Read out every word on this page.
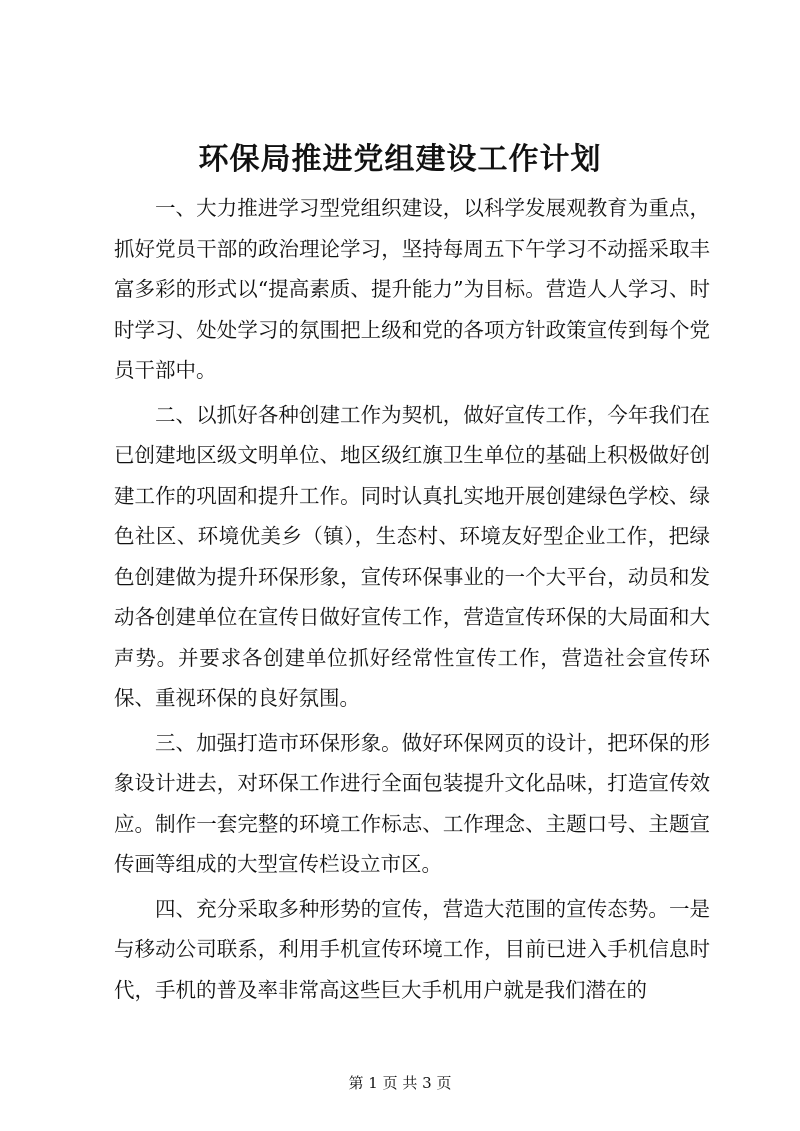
环保局推进党组建设工作计划

一、大力推进学习型党组织建设，以科学发展观教育为重点，抓好党员干部的政治理论学习，坚持每周五下午学习不动摇采取丰富多彩的形式以“提高素质、提升能力”为目标。营造人人学习、时时学习、处处学习的氛围把上级和党的各项方针政策宣传到每个党员干部中。

二、以抓好各种创建工作为契机，做好宣传工作，今年我们在已创建地区级文明单位、地区级红旗卫生单位的基础上积极做好创建工作的巩固和提升工作。同时认真扎实地开展创建绿色学校、绿色社区、环境优美乡（镇），生态村、环境友好型企业工作，把绿色创建做为提升环保形象，宣传环保事业的一个大平台，动员和发动各创建单位在宣传日做好宣传工作，营造宣传环保的大局面和大声势。并要求各创建单位抓好经常性宣传工作，营造社会宣传环保、重视环保的良好氛围。

三、加强打造市环保形象。做好环保网页的设计，把环保的形象设计进去，对环保工作进行全面包装提升文化品味，打造宣传效应。制作一套完整的环境工作标志、工作理念、主题口号、主题宣传画等组成的大型宣传栏设立市区。

四、充分采取多种形势的宣传，营造大范围的宣传态势。一是与移动公司联系，利用手机宣传环境工作，目前已进入手机信息时代，手机的普及率非常高这些巨大手机用户就是我们潜在的

第 1 页 共 3 页
